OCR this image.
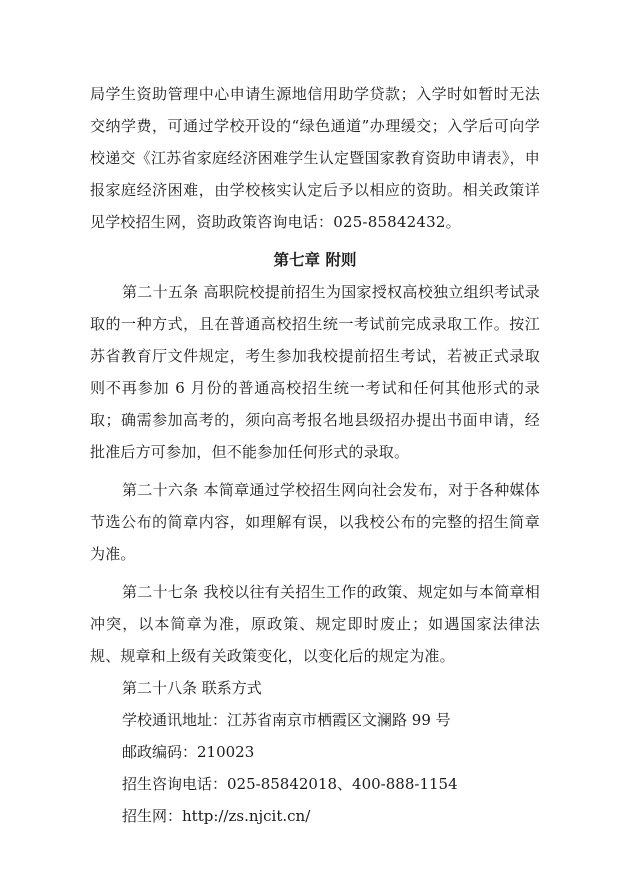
局学生资助管理中心申请生源地信用助学贷款；入学时如暂时无法交纳学费，可通过学校开设的“绿色通道”办理缓交；入学后可向学校递交《江苏省家庭经济困难学生认定暨国家教育资助申请表》，申报家庭经济困难，由学校核实认定后予以相应的资助。相关政策详见学校招生网，资助政策咨询电话：025-85842432。

第七章 附则

第二十五条 高职院校提前招生为国家授权高校独立组织考试录取的一种方式，且在普通高校招生统一考试前完成录取工作。按江苏省教育厅文件规定，考生参加我校提前招生考试，若被正式录取则不再参加 6 月份的普通高校招生统一考试和任何其他形式的录取；确需参加高考的，须向高考报名地县级招办提出书面申请，经批准后方可参加，但不能参加任何形式的录取。

第二十六条 本简章通过学校招生网向社会发布，对于各种媒体节选公布的简章内容，如理解有误，以我校公布的完整的招生简章为准。

第二十七条 我校以往有关招生工作的政策、规定如与本简章相冲突，以本简章为准，原政策、规定即时废止；如遇国家法律法规、规章和上级有关政策变化，以变化后的规定为准。

第二十八条 联系方式

学校通讯地址：江苏省南京市栖霞区文澜路 99 号

邮政编码：210023

招生咨询电话：025-85842018、400-888-1154

招生网：http://zs.njcit.cn/
